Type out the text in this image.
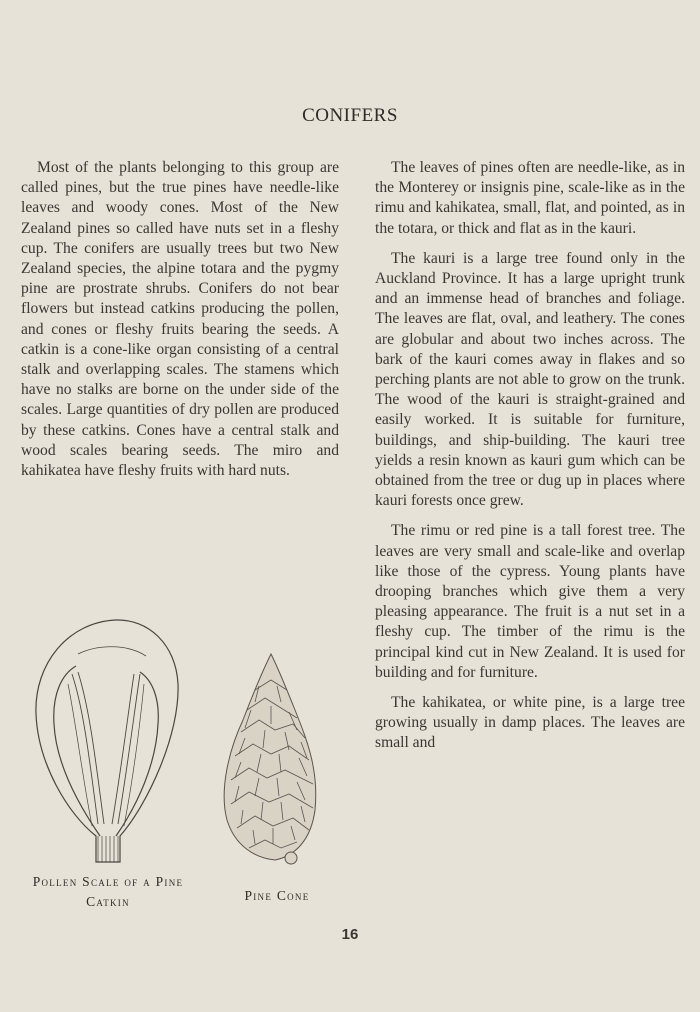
CONIFERS

Most of the plants belonging to this group are called pines, but the true pines have needle-like leaves and woody cones. Most of the New Zealand pines so called have nuts set in a fleshy cup. The conifers are usually trees but two New Zealand species, the alpine totara and the pygmy pine are prostrate shrubs. Conifers do not bear flowers but instead catkins producing the pollen, and cones or fleshy fruits bearing the seeds. A catkin is a cone-like organ consisting of a central stalk and overlapping scales. The stamens which have no stalks are borne on the under side of the scales. Large quantities of dry pollen are produced by these catkins. Cones have a central stalk and wood scales bearing seeds. The miro and kahikatea have fleshy fruits with hard nuts.

The leaves of pines often are needle-like, as in the Monterey or insignis pine, scale-like as in the rimu and kahikatea, small, flat, and pointed, as in the totara, or thick and flat as in the kauri.

The kauri is a large tree found only in the Auckland Province. It has a large upright trunk and an immense head of branches and foliage. The leaves are flat, oval, and leathery. The cones are globular and about two inches across. The bark of the kauri comes away in flakes and so perching plants are not able to grow on the trunk. The wood of the kauri is straight-grained and easily worked. It is suitable for furniture, buildings, and ship-building. The kauri tree yields a resin known as kauri gum which can be obtained from the tree or dug up in places where kauri forests once grew.

The rimu or red pine is a tall forest tree. The leaves are very small and scale-like and overlap like those of the cypress. Young plants have drooping branches which give them a very pleasing appearance. The fruit is a nut set in a fleshy cup. The timber of the rimu is the principal kind cut in New Zealand. It is used for building and for furniture.

The kahikatea, or white pine, is a large tree growing usually in damp places. The leaves are small and

Pollen Scale of a Pine Catkin	Pine Cone
16
